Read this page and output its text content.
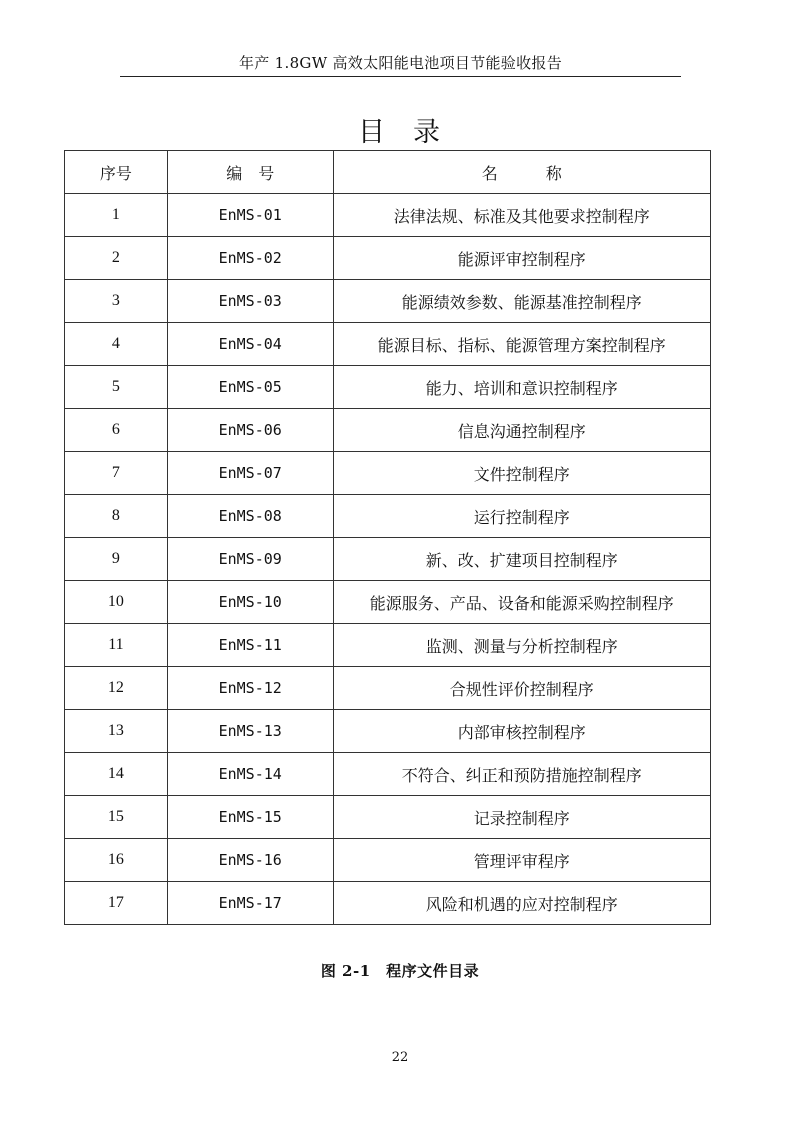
年产 1.8GW 高效太阳能电池项目节能验收报告
目 录
序号	编　号	名　　　称
1	EnMS-01	法律法规、标准及其他要求控制程序
2	EnMS-02	能源评审控制程序
3	EnMS-03	能源绩效参数、能源基准控制程序
4	EnMS-04	能源目标、指标、能源管理方案控制程序
5	EnMS-05	能力、培训和意识控制程序
6	EnMS-06	信息沟通控制程序
7	EnMS-07	文件控制程序
8	EnMS-08	运行控制程序
9	EnMS-09	新、改、扩建项目控制程序
10	EnMS-10	能源服务、产品、设备和能源采购控制程序
11	EnMS-11	监测、测量与分析控制程序
12	EnMS-12	合规性评价控制程序
13	EnMS-13	内部审核控制程序
14	EnMS-14	不符合、纠正和预防措施控制程序
15	EnMS-15	记录控制程序
16	EnMS-16	管理评审程序
17	EnMS-17	风险和机遇的应对控制程序
图 2-1　程序文件目录
22
